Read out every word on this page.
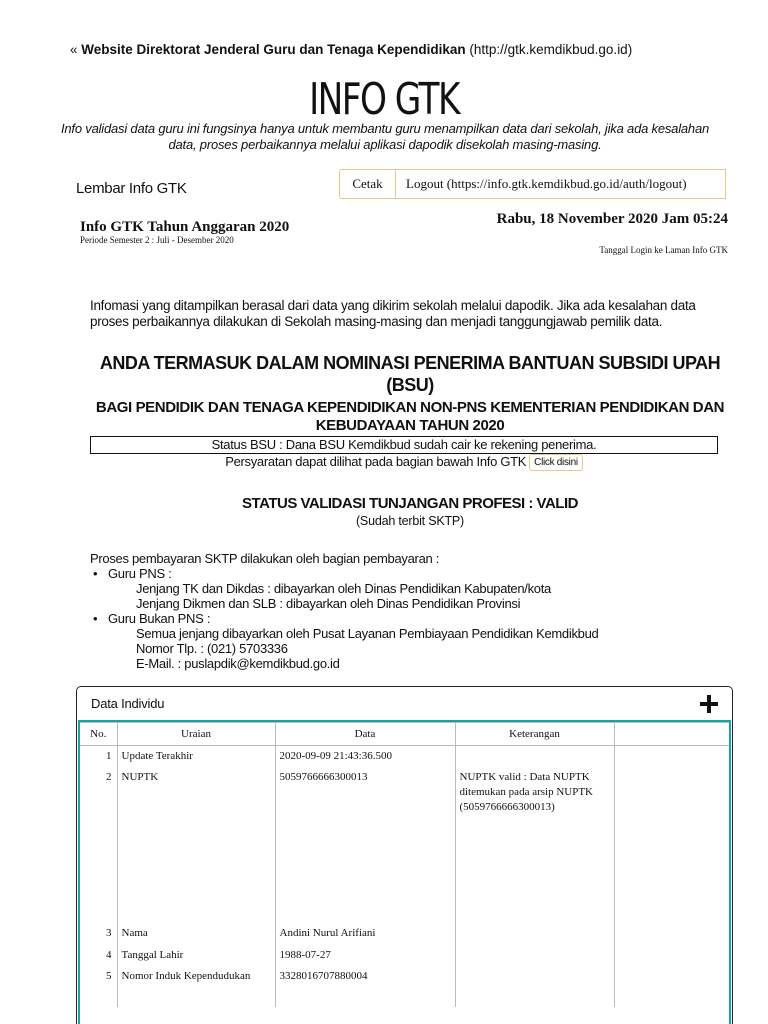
« Website Direktorat Jenderal Guru dan Tenaga Kependidikan (http://gtk.kemdikbud.go.id)
INFO GTK
Info validasi data guru ini fungsinya hanya untuk membantu guru menampilkan data dari sekolah, jika ada kesalahan data, proses perbaikannya melalui aplikasi dapodik disekolah masing-masing.
Lembar Info GTK	Cetak	Logout (https://info.gtk.kemdikbud.go.id/auth/logout)
Info GTK Tahun Anggaran 2020
Periode Semester 2 : Juli - Desember 2020
Rabu, 18 November 2020 Jam 05:24
Tanggal Login ke Laman Info GTK
Infomasi yang ditampilkan berasal dari data yang dikirim sekolah melalui dapodik. Jika ada kesalahan data proses perbaikannya dilakukan di Sekolah masing-masing dan menjadi tanggungjawab pemilik data.
ANDA TERMASUK DALAM NOMINASI PENERIMA BANTUAN SUBSIDI UPAH (BSU)
BAGI PENDIDIK DAN TENAGA KEPENDIDIKAN NON-PNS KEMENTERIAN PENDIDIKAN DAN KEBUDAYAAN TAHUN 2020
Status BSU : Dana BSU Kemdikbud sudah cair ke rekening penerima.
Persyaratan dapat dilihat pada bagian bawah Info GTK Click disini
STATUS VALIDASI TUNJANGAN PROFESI : VALID
(Sudah terbit SKTP)
Proses pembayaran SKTP dilakukan oleh bagian pembayaran :
• Guru PNS :
Jenjang TK dan Dikdas : dibayarkan oleh Dinas Pendidikan Kabupaten/kota
Jenjang Dikmen dan SLB : dibayarkan oleh Dinas Pendidikan Provinsi
• Guru Bukan PNS :
Semua jenjang dibayarkan oleh Pusat Layanan Pembiayaan Pendidikan Kemdikbud
Nomor Tlp. : (021) 5703336
E-Mail. : puslapdik@kemdikbud.go.id
Data Individu
No.	Uraian	Data	Keterangan	
1	Update Terakhir	2020-09-09 21:43:36.500		
2	NUPTK	5059766666300013	NUPTK valid : Data NUPTK ditemukan pada arsip NUPTK (5059766666300013)	
3	Nama	Andini Nurul Arifiani		
4	Tanggal Lahir	1988-07-27		
5	Nomor Induk Kependudukan	3328016707880004		
